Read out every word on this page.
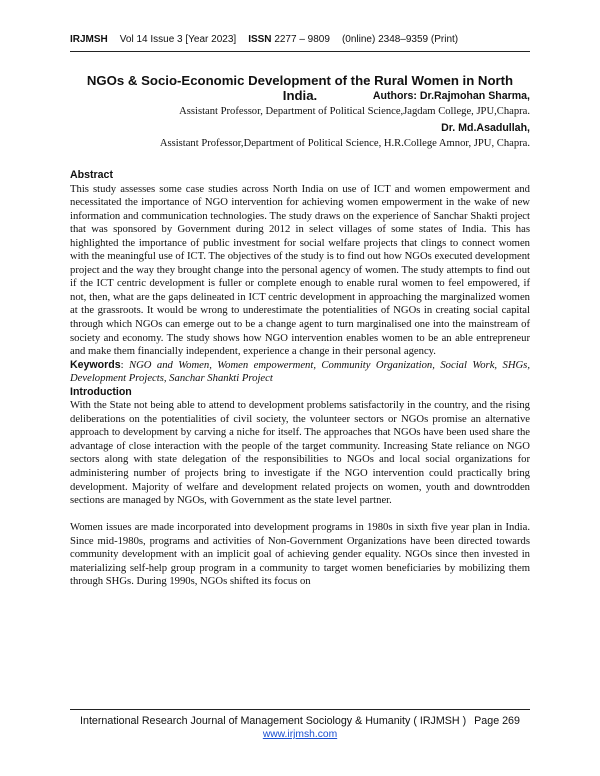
IRJMSH Vol 14 Issue 3 [Year 2023] ISSN 2277 – 9809 (0nline) 2348–9359 (Print)
NGOs & Socio-Economic Development of the Rural Women in North India.	Authors: Dr.Rajmohan Sharma,
Assistant Professor, Department of Political Science,Jagdam College, JPU,Chapra.
Dr. Md.Asadullah,
Assistant Professor,Department of Political Science, H.R.College Amnor, JPU, Chapra.
Abstract

This study assesses some case studies across North India on use of ICT and women empowerment and necessitated the importance of NGO intervention for achieving women empowerment in the wake of new information and communication technologies. The study draws on the experience of Sanchar Shakti project that was sponsored by Government during 2012 in select villages of some states of India. This has highlighted the importance of public investment for social welfare projects that clings to connect women with the meaningful use of ICT. The objectives of the study is to find out how NGOs executed development project and the way they brought change into the personal agency of women. The study attempts to find out if the ICT centric development is fuller or complete enough to enable rural women to feel empowered, if not, then, what are the gaps delineated in ICT centric development in approaching the marginalized women at the grassroots. It would be wrong to underestimate the potentialities of NGOs in creating social capital through which NGOs can emerge out to be a change agent to turn marginalised one into the mainstream of society and economy. The study shows how NGO intervention enables women to be an able entrepreneur and make them financially independent, experience a change in their personal agency.

Keywords: NGO and Women, Women empowerment, Community Organization, Social Work, SHGs, Development Projects, Sanchar Shankti Project

Introduction

With the State not being able to attend to development problems satisfactorily in the country, and the rising deliberations on the potentialities of civil society, the volunteer sectors or NGOs promise an alternative approach to development by carving a niche for itself. The approaches that NGOs have been used share the advantage of close interaction with the people of the target community. Increasing State reliance on NGO sectors along with state delegation of the responsibilities to NGOs and local social organizations for administering number of projects bring to investigate if the NGO intervention could practically bring development. Majority of welfare and development related projects on women, youth and downtrodden sections are managed by NGOs, with Government as the state level partner.

Women issues are made incorporated into development programs in 1980s in sixth five year plan in India. Since mid-1980s, programs and activities of Non-Government Organizations have been directed towards community development with an implicit goal of achieving gender equality. NGOs since then invested in materializing self-help group program in a community to target women beneficiaries by mobilizing them through SHGs. During 1990s, NGOs shifted its focus on

International Research Journal of Management Sociology & Humanity ( IRJMSH ) Page 269
www.irjmsh.com
